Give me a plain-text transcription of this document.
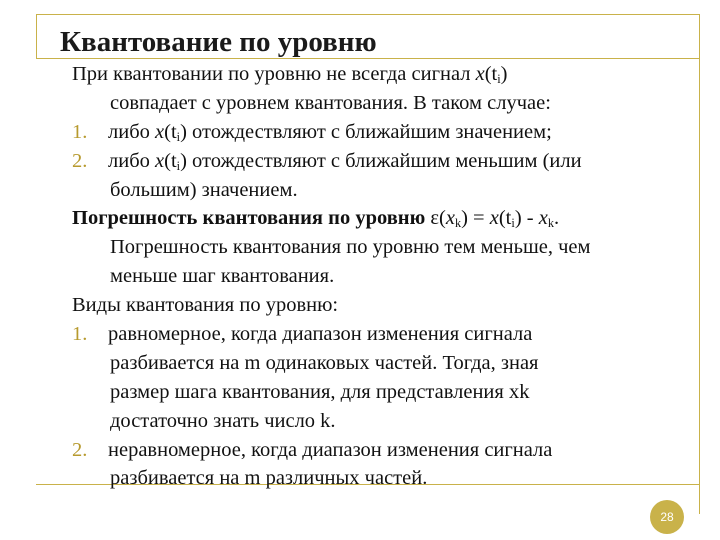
Квантование по уровню
При квантовании по уровню не всегда сигнал $x(t_i)$
совпадает с уровнем квантования. В таком случае:
1. либо $x(t_i)$ отождествляют с ближайшим значением;
2. либо $x(t_i)$ отождествляют с ближайшим меньшим (или
большим) значением.
Погрешность квантования по уровню $\varepsilon(x_k) = x(t_i) - x_k$.
Погрешность квантования по уровню тем меньше, чем
меньше шаг квантования.
Виды квантования по уровню:
1. равномерное, когда диапазон изменения сигнала
разбивается на m одинаковых частей. Тогда, зная
размер шага квантования, для представления xk
достаточно знать число k.
2. неравномерное, когда диапазон изменения сигнала
разбивается на m различных частей.
28
